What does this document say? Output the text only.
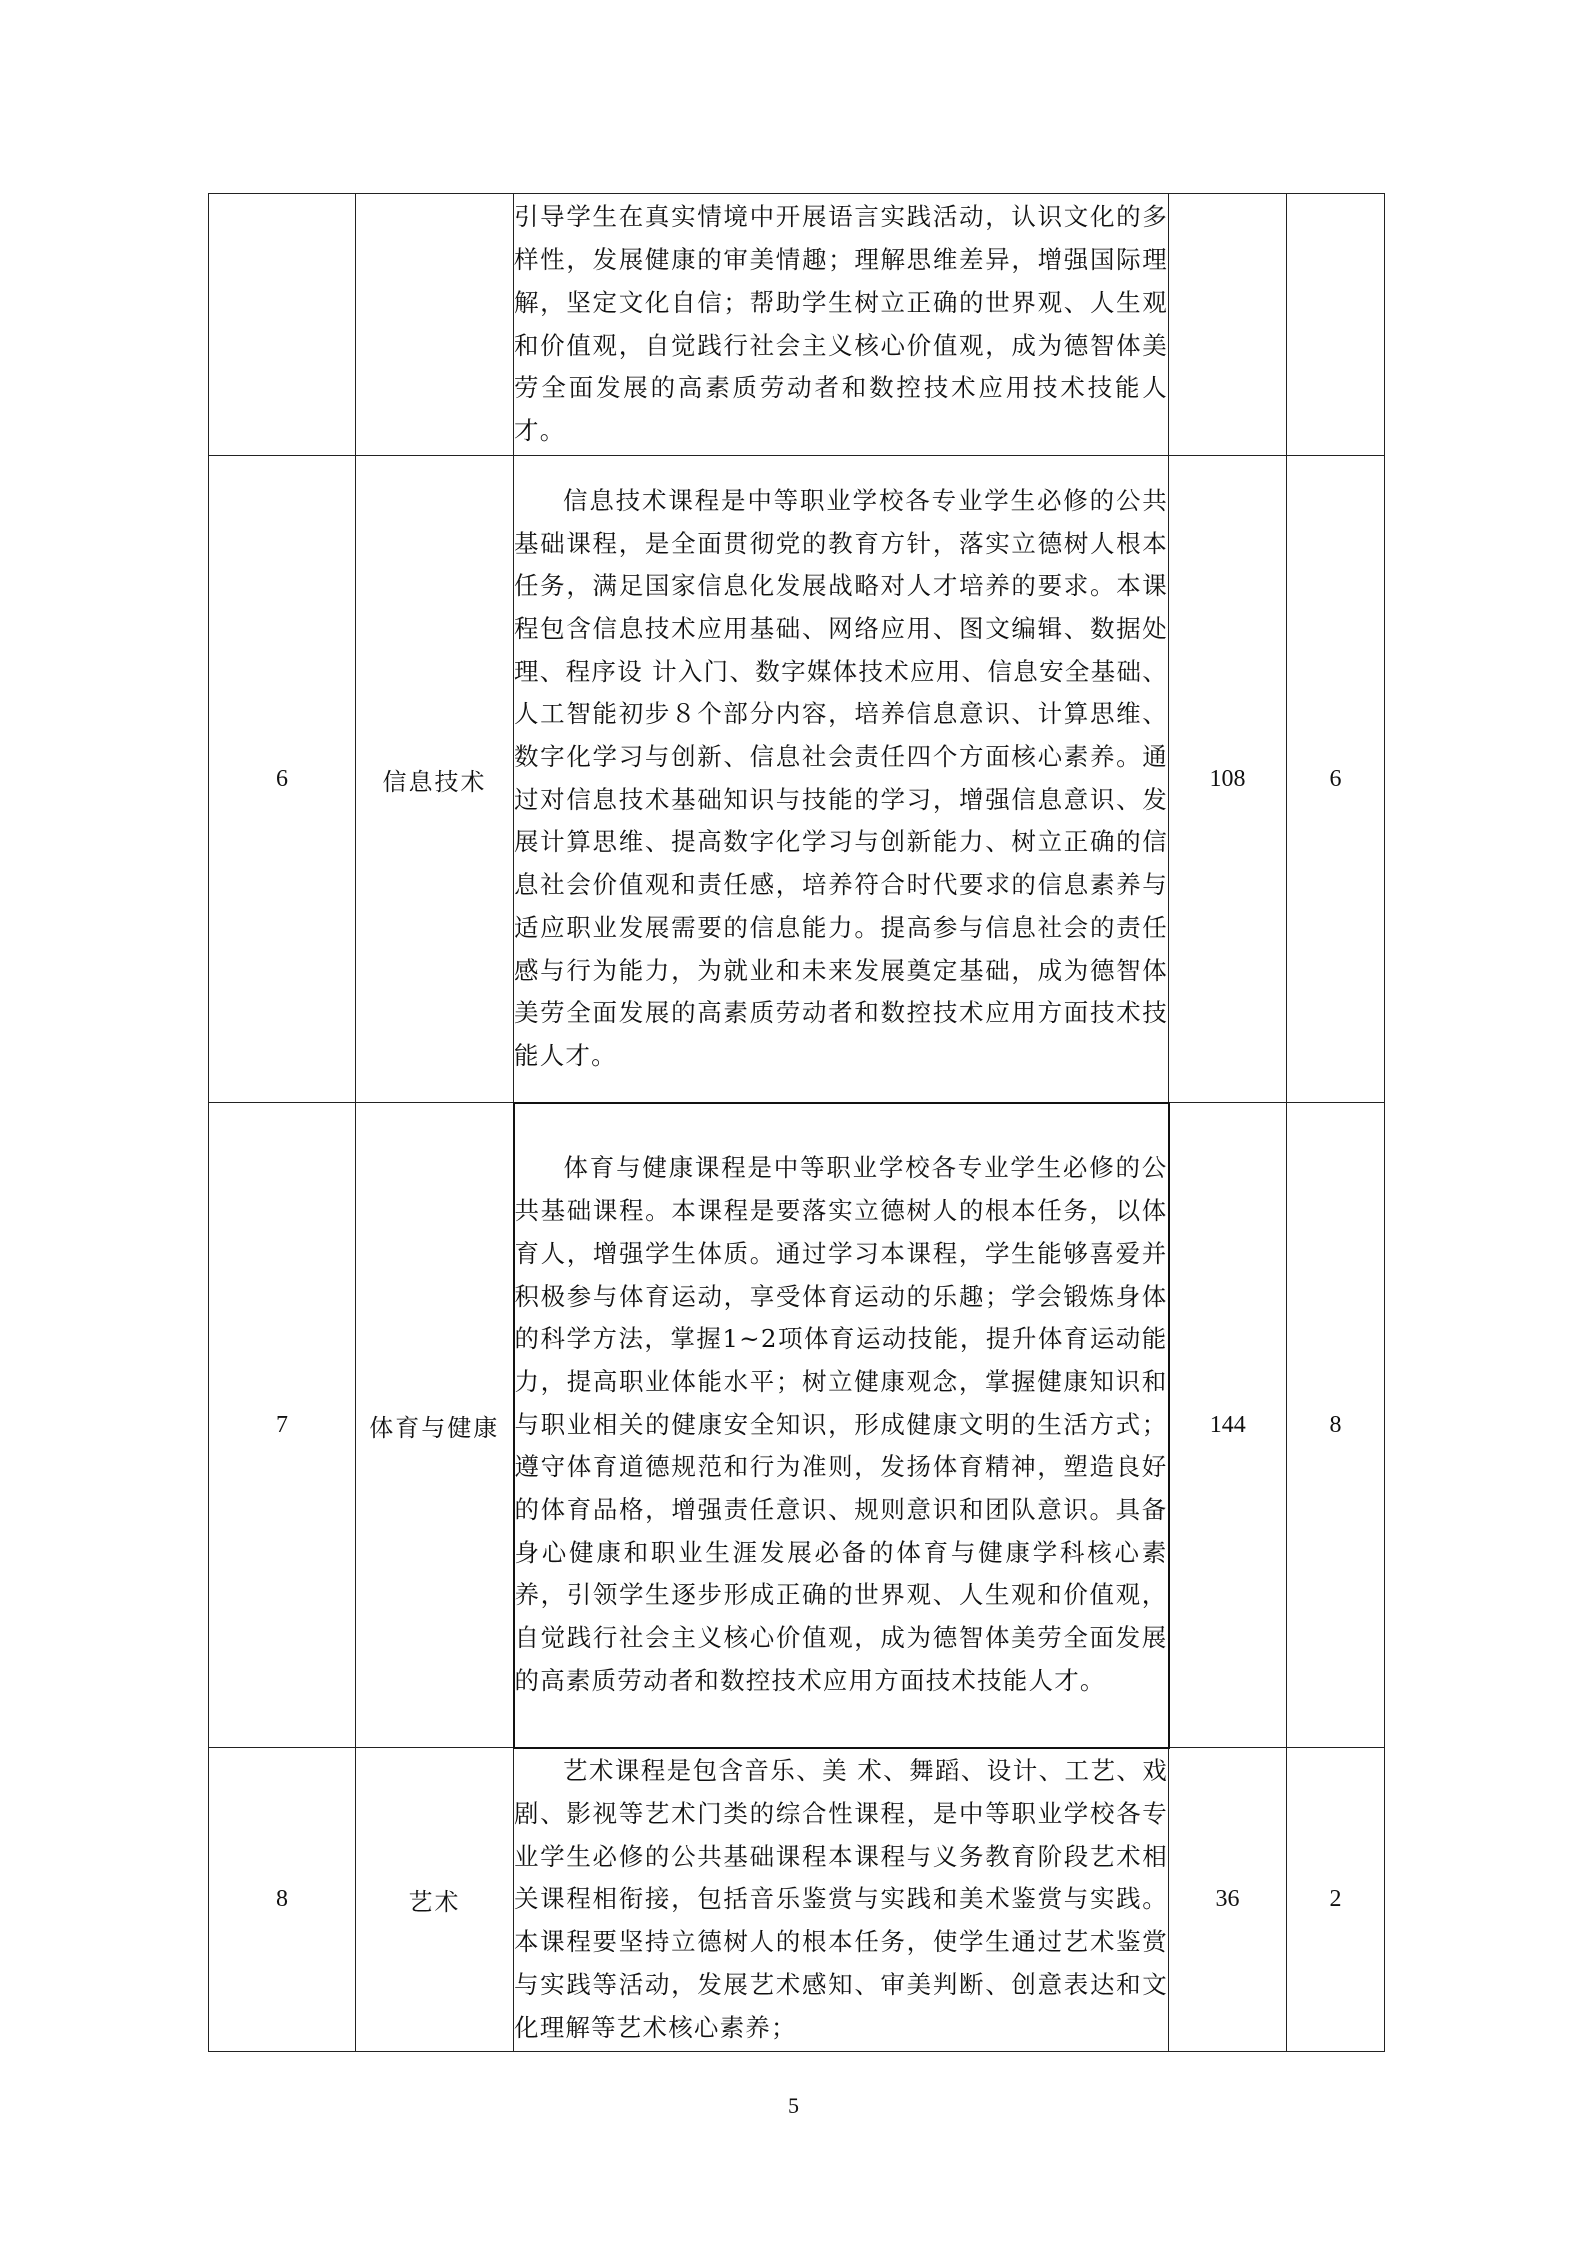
		引导学生在真实情境中开展语言实践活动，认识文化的多样性，发展健康的审美情趣；理解思维差异，增强国际理解，坚定文化自信；帮助学生树立正确的世界观、人生观和价值观，自觉践行社会主义核心价值观，成为德智体美劳全面发展的高素质劳动者和数控技术应用技术技能人才。		
6	信息技术	信息技术课程是中等职业学校各专业学生必修的公共基础课程，是全面贯彻党的教育方针，落实立德树人根本任务，满足国家信息化发展战略对人才培养的要求。本课程包含信息技术应用基础、网络应用、图文编辑、数据处理、程序设 计入门、数字媒体技术应用、信息安全基础、人工智能初步８个部分内容，培养信息意识、计算思维、数字化学习与创新、信息社会责任四个方面核心素养。通过对信息技术基础知识与技能的学习，增强信息意识、发展计算思维、提高数字化学习与创新能力、树立正确的信息社会价值观和责任感，培养符合时代要求的信息素养与适应职业发展需要的信息能力。提高参与信息社会的责任感与行为能力，为就业和未来发展奠定基础，成为德智体美劳全面发展的高素质劳动者和数控技术应用方面技术技能人才。	108	6
7	体育与健康	体育与健康课程是中等职业学校各专业学生必修的公共基础课程。本课程是要落实立德树人的根本任务，以体育人，增强学生体质。通过学习本课程，学生能够喜爱并积极参与体育运动，享受体育运动的乐趣；学会锻炼身体的科学方法，掌握1~2项体育运动技能，提升体育运动能力，提高职业体能水平；树立健康观念，掌握健康知识和与职业相关的健康安全知识，形成健康文明的生活方式；遵守体育道德规范和行为准则，发扬体育精神，塑造良好的体育品格，增强责任意识、规则意识和团队意识。具备身心健康和职业生涯发展必备的体育与健康学科核心素养，引领学生逐步形成正确的世界观、人生观和价值观，自觉践行社会主义核心价值观，成为德智体美劳全面发展的高素质劳动者和数控技术应用方面技术技能人才。	144	8
8	艺术	艺术课程是包含音乐、美 术、舞蹈、设计、工艺、戏剧、影视等艺术门类的综合性课程，是中等职业学校各专业学生必修的公共基础课程本课程与义务教育阶段艺术相关课程相衔接，包括音乐鉴赏与实践和美术鉴赏与实践。本课程要坚持立德树人的根本任务，使学生通过艺术鉴赏与实践等活动，发展艺术感知、审美判断、创意表达和文化理解等艺术核心素养；	36	2
5
